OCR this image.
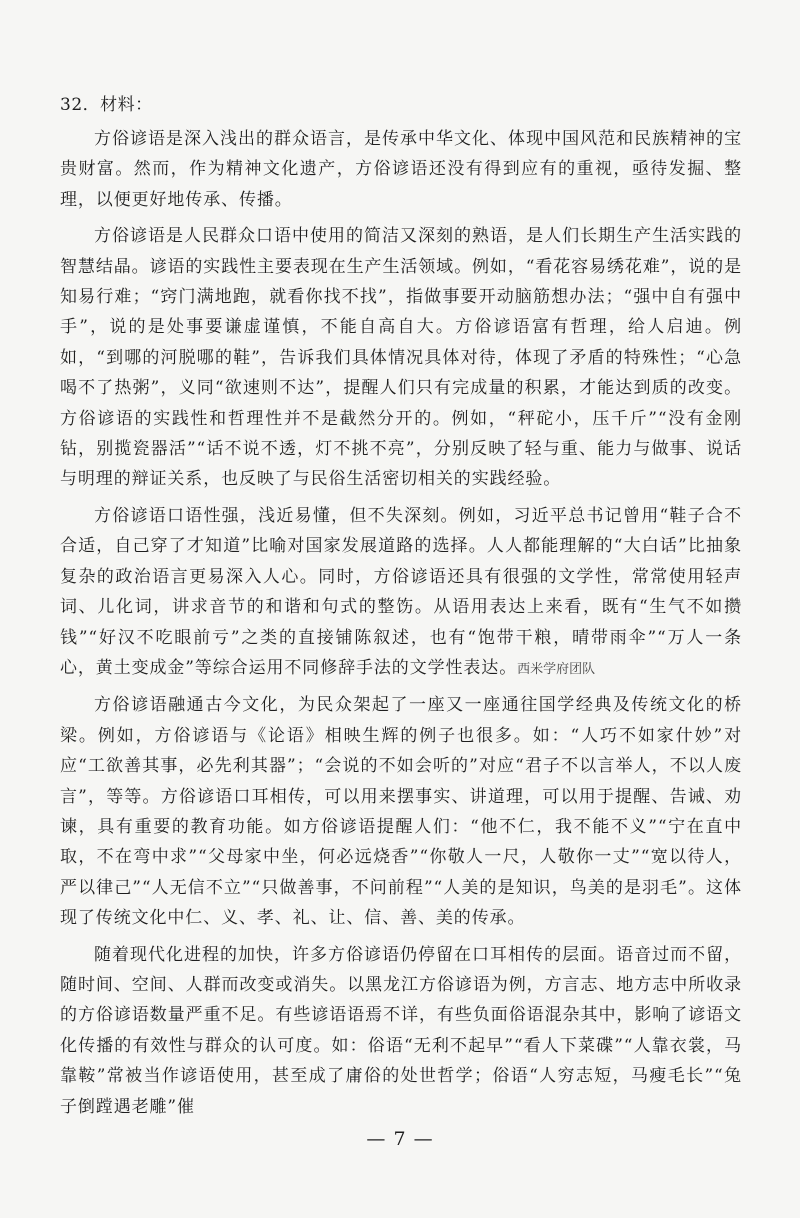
32．材料：

方俗谚语是深入浅出的群众语言，是传承中华文化、体现中国风范和民族精神的宝贵财富。然而，作为精神文化遗产，方俗谚语还没有得到应有的重视，亟待发掘、整理，以便更好地传承、传播。

方俗谚语是人民群众口语中使用的简洁又深刻的熟语，是人们长期生产生活实践的智慧结晶。谚语的实践性主要表现在生产生活领域。例如，“看花容易绣花难”，说的是知易行难；“窍门满地跑，就看你找不找”，指做事要开动脑筋想办法；“强中自有强中手”，说的是处事要谦虚谨慎，不能自高自大。方俗谚语富有哲理，给人启迪。例如，“到哪的河脱哪的鞋”，告诉我们具体情况具体对待，体现了矛盾的特殊性；“心急喝不了热粥”，义同“欲速则不达”，提醒人们只有完成量的积累，才能达到质的改变。方俗谚语的实践性和哲理性并不是截然分开的。例如，“秤砣小，压千斤”“没有金刚钻，别揽瓷器活”“话不说不透，灯不挑不亮”，分别反映了轻与重、能力与做事、说话与明理的辩证关系，也反映了与民俗生活密切相关的实践经验。

方俗谚语口语性强，浅近易懂，但不失深刻。例如，习近平总书记曾用“鞋子合不合适，自己穿了才知道”比喻对国家发展道路的选择。人人都能理解的“大白话”比抽象复杂的政治语言更易深入人心。同时，方俗谚语还具有很强的文学性，常常使用轻声词、儿化词，讲求音节的和谐和句式的整饬。从语用表达上来看，既有“生气不如攒钱”“好汉不吃眼前亏”之类的直接铺陈叙述，也有“饱带干粮，晴带雨伞”“万人一条心，黄土变成金”等综合运用不同修辞手法的文学性表达。西米学府团队

方俗谚语融通古今文化，为民众架起了一座又一座通往国学经典及传统文化的桥梁。例如，方俗谚语与《论语》相映生辉的例子也很多。如：“人巧不如家什妙”对应“工欲善其事，必先利其器”；“会说的不如会听的”对应“君子不以言举人，不以人废言”，等等。方俗谚语口耳相传，可以用来摆事实、讲道理，可以用于提醒、告诫、劝谏，具有重要的教育功能。如方俗谚语提醒人们：“他不仁，我不能不义”“宁在直中取，不在弯中求”“父母家中坐，何必远烧香”“你敬人一尺，人敬你一丈”“宽以待人，严以律己”“人无信不立”“只做善事，不问前程”“人美的是知识，鸟美的是羽毛”。这体现了传统文化中仁、义、孝、礼、让、信、善、美的传承。

随着现代化进程的加快，许多方俗谚语仍停留在口耳相传的层面。语音过而不留，随时间、空间、人群而改变或消失。以黑龙江方俗谚语为例，方言志、地方志中所收录的方俗谚语数量严重不足。有些谚语语焉不详，有些负面俗语混杂其中，影响了谚语文化传播的有效性与群众的认可度。如：俗语“无利不起早”“看人下菜碟”“人靠衣裳，马靠鞍”常被当作谚语使用，甚至成了庸俗的处世哲学；俗语“人穷志短，马瘦毛长”“兔子倒蹚遇老雕”催

— 7 —
